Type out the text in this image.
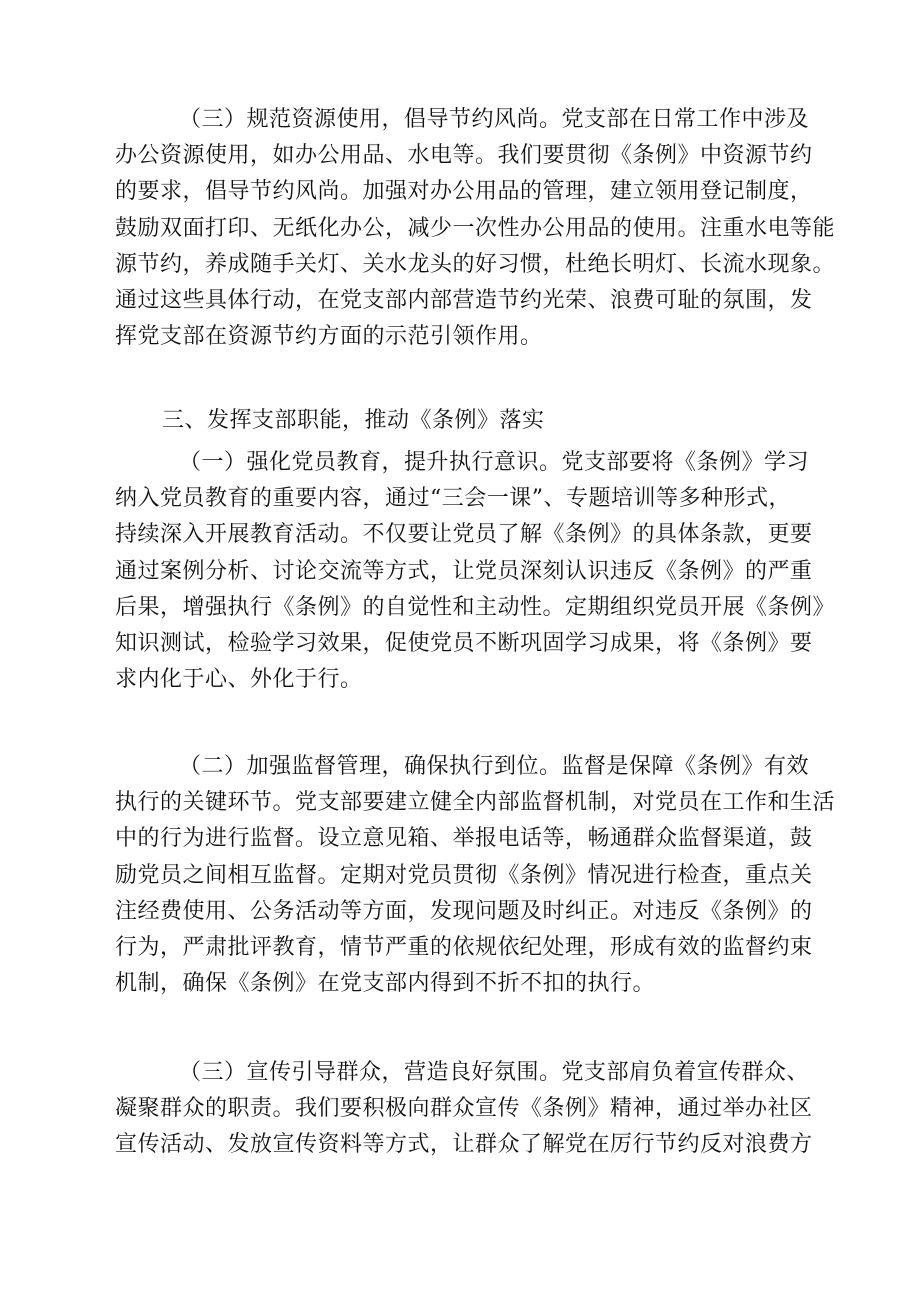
（三）规范资源使用，倡导节约风尚。党支部在日常工作中涉及
办公资源使用，如办公用品、水电等。我们要贯彻《条例》中资源节约
的要求，倡导节约风尚。加强对办公用品的管理，建立领用登记制度，
鼓励双面打印、无纸化办公，减少一次性办公用品的使用。注重水电等能
源节约，养成随手关灯、关水龙头的好习惯，杜绝长明灯、长流水现象。
通过这些具体行动，在党支部内部营造节约光荣、浪费可耻的氛围，发
挥党支部在资源节约方面的示范引领作用。

三、发挥支部职能，推动《条例》落实

（一）强化党员教育，提升执行意识。党支部要将《条例》学习
纳入党员教育的重要内容，通过“三会一课”、专题培训等多种形式，
持续深入开展教育活动。不仅要让党员了解《条例》的具体条款，更要
通过案例分析、讨论交流等方式，让党员深刻认识违反《条例》的严重
后果，增强执行《条例》的自觉性和主动性。定期组织党员开展《条例》
知识测试，检验学习效果，促使党员不断巩固学习成果，将《条例》要
求内化于心、外化于行。

（二）加强监督管理，确保执行到位。监督是保障《条例》有效
执行的关键环节。党支部要建立健全内部监督机制，对党员在工作和生活
中的行为进行监督。设立意见箱、举报电话等，畅通群众监督渠道，鼓
励党员之间相互监督。定期对党员贯彻《条例》情况进行检查，重点关
注经费使用、公务活动等方面，发现问题及时纠正。对违反《条例》的
行为，严肃批评教育，情节严重的依规依纪处理，形成有效的监督约束
机制，确保《条例》在党支部内得到不折不扣的执行。

（三）宣传引导群众，营造良好氛围。党支部肩负着宣传群众、
凝聚群众的职责。我们要积极向群众宣传《条例》精神，通过举办社区
宣传活动、发放宣传资料等方式，让群众了解党在厉行节约反对浪费方
